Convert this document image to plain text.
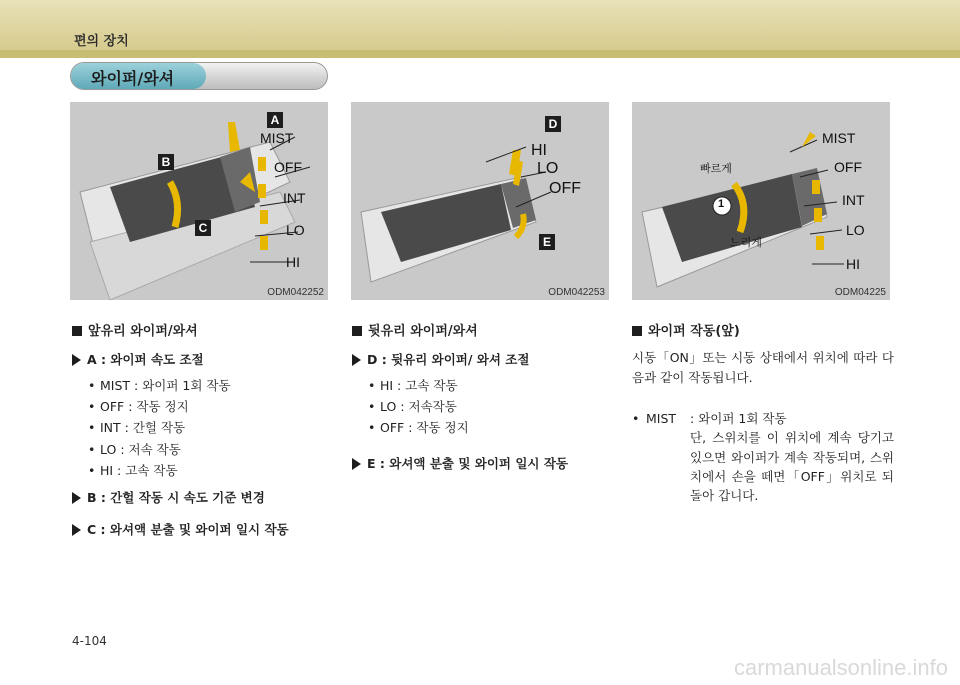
편의 장치
와이퍼/와셔
A
B
C
MIST
OFF
INT
LO
HI
ODM042252
D
E
HI
LO
OFF
ODM042253
1
MIST
OFF
INT
LO
HI
빠르게
느리게
ODM04225
앞유리 와이퍼/와셔
A : 와이퍼 속도 조절
• MIST : 와이퍼 1회 작동
• OFF : 작동 정지
• INT : 간헐 작동
• LO : 저속 작동
• HI : 고속 작동
B : 간헐 작동 시 속도 기준 변경
C : 와셔액 분출 및 와이퍼 일시 작동
뒷유리 와이퍼/와셔
D : 뒷유리 와이퍼/ 와셔 조절
• HI : 고속 작동
• LO : 저속작동
• OFF : 작동 정지
E : 와셔액 분출 및 와이퍼 일시 작동
와이퍼 작동(앞)
시동「ON」또는 시동 상태에서 위치에 따라 다음과 같이 작동됩니다.
• MIST : 와이퍼 1회 작동
단, 스위치를 이 위치에 계속 당기고 있으면 와이퍼가 계속 작동되며, 스위치에서 손을 떼면「OFF」위치로 되돌아 갑니다.
4-104
carmanualsonline.info
